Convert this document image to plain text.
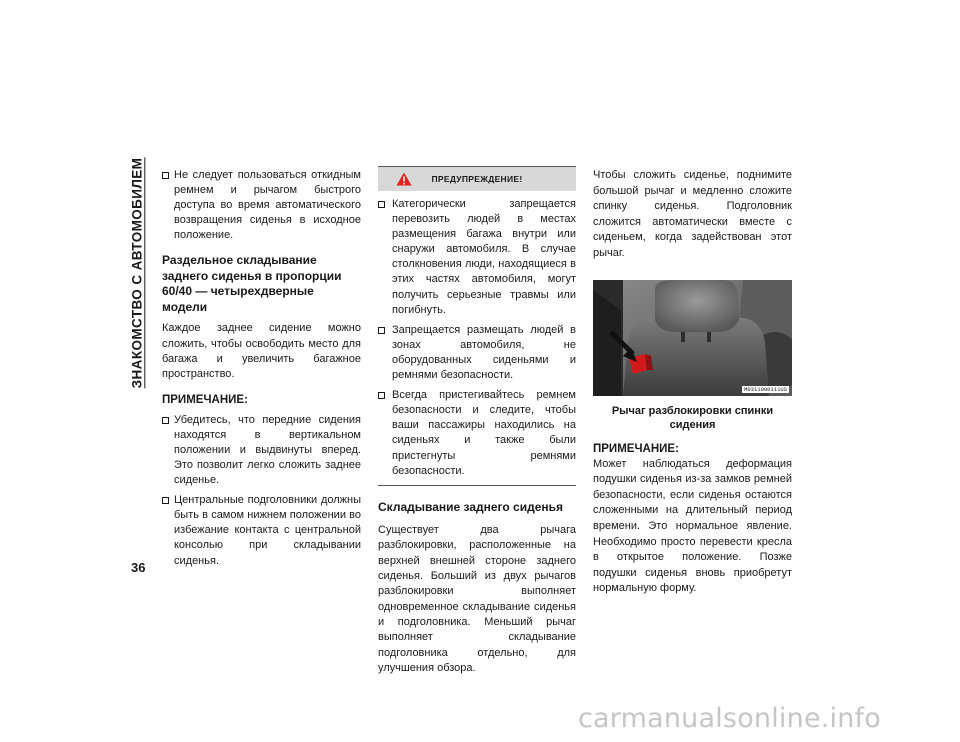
ЗНАКОМСТВО С АВТОМОБИЛЕМ
36
Не следует пользоваться откидным ремнем и рычагом быстрого доступа во время автоматического возвращения сиденья в исходное положение.
Раздельное складывание заднего сиденья в пропорции 60/40 — четырехдверные модели

Каждое заднее сидение можно сложить, чтобы освободить место для багажа и увеличить багажное пространство.

ПРИМЕЧАНИЕ:
Убедитесь, что передние сидения находятся в вертикальном положении и выдвинуты вперед. Это позволит легко сложить заднее сиденье.
Центральные подголовники должны быть в самом нижнем положении во избежание контакта с центральной консолью при складывании сиденья.
ПРЕДУПРЕЖДЕНИЕ!
Категорически запрещается перевозить людей в местах размещения багажа внутри или снаружи автомобиля. В случае столкновения люди, находящиеся в этих частях автомобиля, могут получить серьезные травмы или погибнуть.
Запрещается размещать людей в зонах автомобиля, не оборудованных сиденьями и ремнями безопасности.
Всегда пристегивайтесь ремнем безопасности и следите, чтобы ваши пассажиры находились на сиденьях и также были пристегнуты ремнями безопасности.
Складывание заднего сиденья

Существует два рычага разблокировки, расположенные на верхней внешней стороне заднего сиденья. Больший из двух рычагов разблокировки выполняет одновременное складывание сиденья и подголовника. Меньший рычаг выполняет складывание подголовника отдельно, для улучшения обзора.

Чтобы сложить сиденье, поднимите большой рычаг и медленно сложите спинку сиденья. Подголовник сложится автоматически вместе с сиденьем, когда задействован этот рычаг.

M0311000111US
Рычаг разблокировки спинки сидения
ПРИМЕЧАНИЕ:

Может наблюдаться деформация подушки сиденья из-за замков ремней безопасности, если сиденья остаются сложенными на длительный период времени. Это нормальное явление. Необходимо просто перевести кресла в открытое положение. Позже подушки сиденья вновь приобретут нормальную форму.

carmanualsonline.info
